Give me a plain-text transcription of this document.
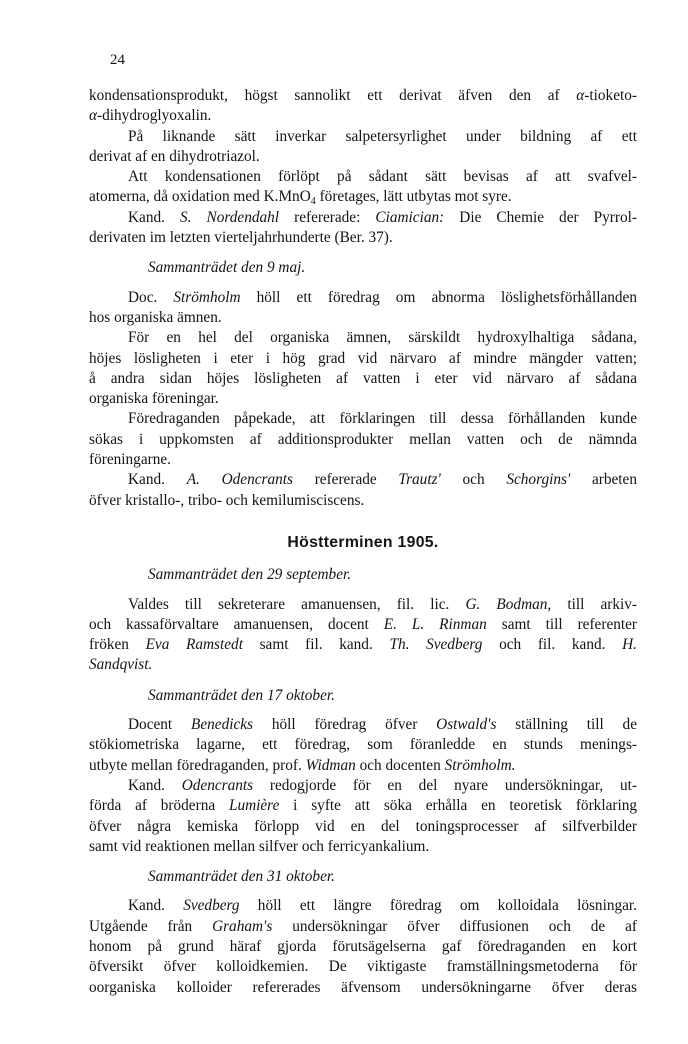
24

kondensationsprodukt, högst sannolikt ett derivat äfven den af α-tioketo-
α-dihydroglyoxalin.

På liknande sätt inverkar salpetersyrlighet under bildning af ett
derivat af en dihydrotriazol.

Att kondensationen förlöpt på sådant sätt bevisas af att svafvel-
atomerna, då oxidation med K.MnO$_4$ företages, lätt utbytas mot syre.

Kand. S. Nordendahl refererade: Ciamician: Die Chemie der Pyrrol-
derivaten im letzten vierteljahrhunderte (Ber. 37).

Sammanträdet den 9 maj.

Doc. Strömholm höll ett föredrag om abnorma löslighetsförhållanden
hos organiska ämnen.

För en hel del organiska ämnen, särskildt hydroxylhaltiga sådana,
höjes lösligheten i eter i hög grad vid närvaro af mindre mängder vatten;
å andra sidan höjes lösligheten af vatten i eter vid närvaro af sådana
organiska föreningar.

Föredraganden påpekade, att förklaringen till dessa förhållanden kunde
sökas i uppkomsten af additionsprodukter mellan vatten och de nämnda
föreningarne.

Kand. A. Odencrants refererade Trautz' och Schorgins' arbeten
öfver kristallo-, tribo- och kemilumisciscens.

Höstterminen 1905.
Sammanträdet den 29 september.

Valdes till sekreterare amanuensen, fil. lic. G. Bodman, till arkiv-
och kassaförvaltare amanuensen, docent E. L. Rinman samt till referenter
fröken Eva Ramstedt samt fil. kand. Th. Svedberg och fil. kand. H.
Sandqvist.

Sammanträdet den 17 oktober.

Docent Benedicks höll föredrag öfver Ostwald's ställning till de
stökiometriska lagarne, ett föredrag, som föranledde en stunds menings-
utbyte mellan föredraganden, prof. Widman och docenten Strömholm.

Kand. Odencrants redogjorde för en del nyare undersökningar, ut-
förda af bröderna Lumière i syfte att söka erhålla en teoretisk förklaring
öfver några kemiska förlopp vid en del toningsprocesser af silfverbilder
samt vid reaktionen mellan silfver och ferricyankalium.

Sammanträdet den 31 oktober.

Kand. Svedberg höll ett längre föredrag om kolloidala lösningar.
Utgående från Graham's undersökningar öfver diffusionen och de af
honom på grund häraf gjorda förutsägelserna gaf föredraganden en kort
öfversikt öfver kolloidkemien. De viktigaste framställningsmetoderna för
oorganiska kolloider refererades äfvensom undersökningarne öfver deras
